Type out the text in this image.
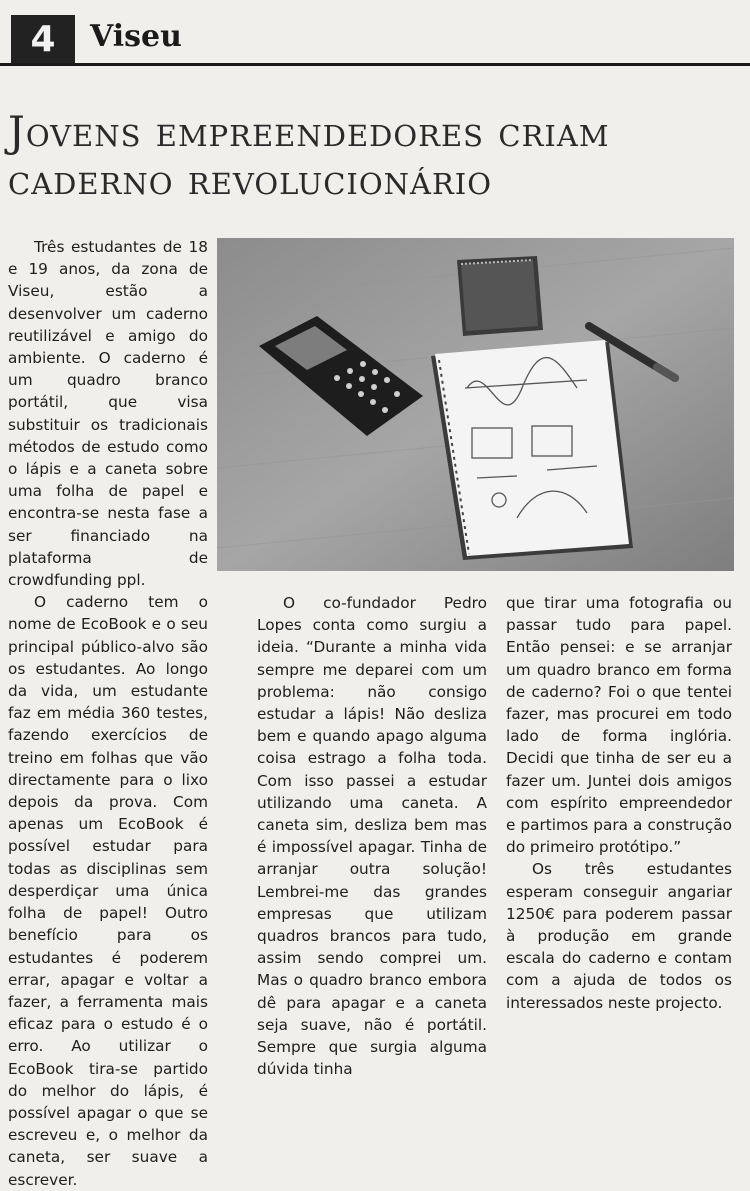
4	Viseu
Jovens empreendedores criam
caderno revolucionário

Três estudantes de 18 e 19 anos, da zona de Viseu, estão a desenvolver um caderno reutilizável e amigo do ambiente. O caderno é um quadro branco portátil, que visa substituir os tradicionais métodos de estudo como o lápis e a caneta sobre uma folha de papel e encontra-se nesta fase a ser financiado na plataforma de crowdfunding ppl.

O caderno tem o nome de EcoBook e o seu principal público-alvo são os estudantes. Ao longo da vida, um estudante faz em média 360 testes, fazendo exercícios de treino em folhas que vão directamente para o lixo depois da prova. Com apenas um EcoBook é possível estudar para todas as disciplinas sem desperdiçar uma única folha de papel! Outro benefício para os estudantes é poderem errar, apagar e voltar a fazer, a ferramenta mais eficaz para o estudo é o erro. Ao utilizar o EcoBook tira-se partido do melhor do lápis, é possível apagar o que se escreveu e, o melhor da caneta, ser suave a escrever.

O co-fundador Pedro Lopes conta como surgiu a ideia. “Durante a minha vida sempre me deparei com um problema: não consigo estudar a lápis! Não desliza bem e quando apago alguma coisa estrago a folha toda. Com isso passei a estudar utilizando uma caneta. A caneta sim, desliza bem mas é impossível apagar. Tinha de arranjar outra solução! Lembrei-me das grandes empresas que utilizam quadros brancos para tudo, assim sendo comprei um. Mas o quadro branco embora dê para apagar e a caneta seja suave, não é portátil. Sempre que surgia alguma dúvida tinha

que tirar uma fotografia ou passar tudo para papel. Então pensei: e se arranjar um quadro branco em forma de caderno? Foi o que tentei fazer, mas procurei em todo lado de forma inglória. Decidi que tinha de ser eu a fazer um. Juntei dois amigos com espírito empreendedor e partimos para a construção do primeiro protótipo.”

Os três estudantes esperam conseguir angariar 1250€ para poderem passar à produção em grande escala do caderno e contam com a ajuda de todos os interessados neste projecto.
